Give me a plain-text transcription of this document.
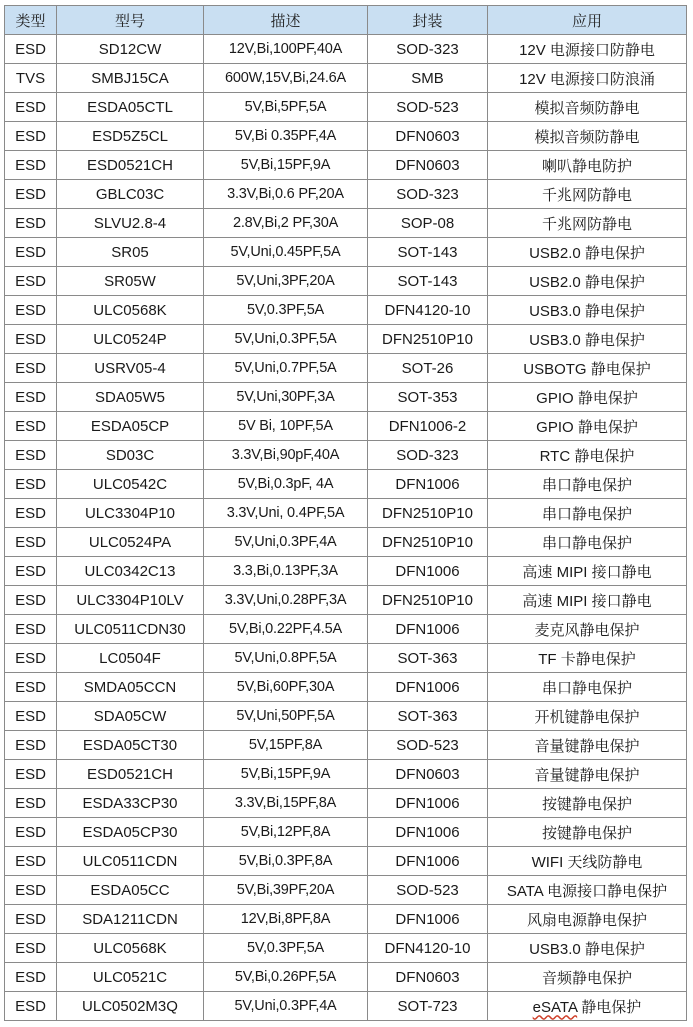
类型	型号	描述	封装	应用
ESD	SD12CW	12V,Bi,100PF,40A	SOD-323	12V 电源接口防静电
TVS	SMBJ15CA	600W,15V,Bi,24.6A	SMB	12V 电源接口防浪涌
ESD	ESDA05CTL	5V,Bi,5PF,5A	SOD-523	模拟音频防静电
ESD	ESD5Z5CL	5V,Bi 0.35PF,4A	DFN0603	模拟音频防静电
ESD	ESD0521CH	5V,Bi,15PF,9A	DFN0603	喇叭静电防护
ESD	GBLC03C	3.3V,Bi,0.6 PF,20A	SOD-323	千兆网防静电
ESD	SLVU2.8-4	2.8V,Bi,2 PF,30A	SOP-08	千兆网防静电
ESD	SR05	5V,Uni,0.45PF,5A	SOT-143	USB2.0 静电保护
ESD	SR05W	5V,Uni,3PF,20A	SOT-143	USB2.0 静电保护
ESD	ULC0568K	5V,0.3PF,5A	DFN4120-10	USB3.0 静电保护
ESD	ULC0524P	5V,Uni,0.3PF,5A	DFN2510P10	USB3.0 静电保护
ESD	USRV05-4	5V,Uni,0.7PF,5A	SOT-26	USBOTG 静电保护
ESD	SDA05W5	5V,Uni,30PF,3A	SOT-353	GPIO 静电保护
ESD	ESDA05CP	5V Bi, 10PF,5A	DFN1006-2	GPIO 静电保护
ESD	SD03C	3.3V,Bi,90pF,40A	SOD-323	RTC 静电保护
ESD	ULC0542C	5V,Bi,0.3pF, 4A	DFN1006	串口静电保护
ESD	ULC3304P10	3.3V,Uni, 0.4PF,5A	DFN2510P10	串口静电保护
ESD	ULC0524PA	5V,Uni,0.3PF,4A	DFN2510P10	串口静电保护
ESD	ULC0342C13	3.3,Bi,0.13PF,3A	DFN1006	高速 MIPI 接口静电
ESD	ULC3304P10LV	3.3V,Uni,0.28PF,3A	DFN2510P10	高速 MIPI 接口静电
ESD	ULC0511CDN30	5V,Bi,0.22PF,4.5A	DFN1006	麦克风静电保护
ESD	LC0504F	5V,Uni,0.8PF,5A	SOT-363	TF 卡静电保护
ESD	SMDA05CCN	5V,Bi,60PF,30A	DFN1006	串口静电保护
ESD	SDA05CW	5V,Uni,50PF,5A	SOT-363	开机键静电保护
ESD	ESDA05CT30	5V,15PF,8A	SOD-523	音量键静电保护
ESD	ESD0521CH	5V,Bi,15PF,9A	DFN0603	音量键静电保护
ESD	ESDA33CP30	3.3V,Bi,15PF,8A	DFN1006	按键静电保护
ESD	ESDA05CP30	5V,Bi,12PF,8A	DFN1006	按键静电保护
ESD	ULC0511CDN	5V,Bi,0.3PF,8A	DFN1006	WIFI 天线防静电
ESD	ESDA05CC	5V,Bi,39PF,20A	SOD-523	SATA 电源接口静电保护
ESD	SDA1211CDN	12V,Bi,8PF,8A	DFN1006	风扇电源静电保护
ESD	ULC0568K	5V,0.3PF,5A	DFN4120-10	USB3.0 静电保护
ESD	ULC0521C	5V,Bi,0.26PF,5A	DFN0603	音频静电保护
ESD	ULC0502M3Q	5V,Uni,0.3PF,4A	SOT-723	eSATA 静电保护
